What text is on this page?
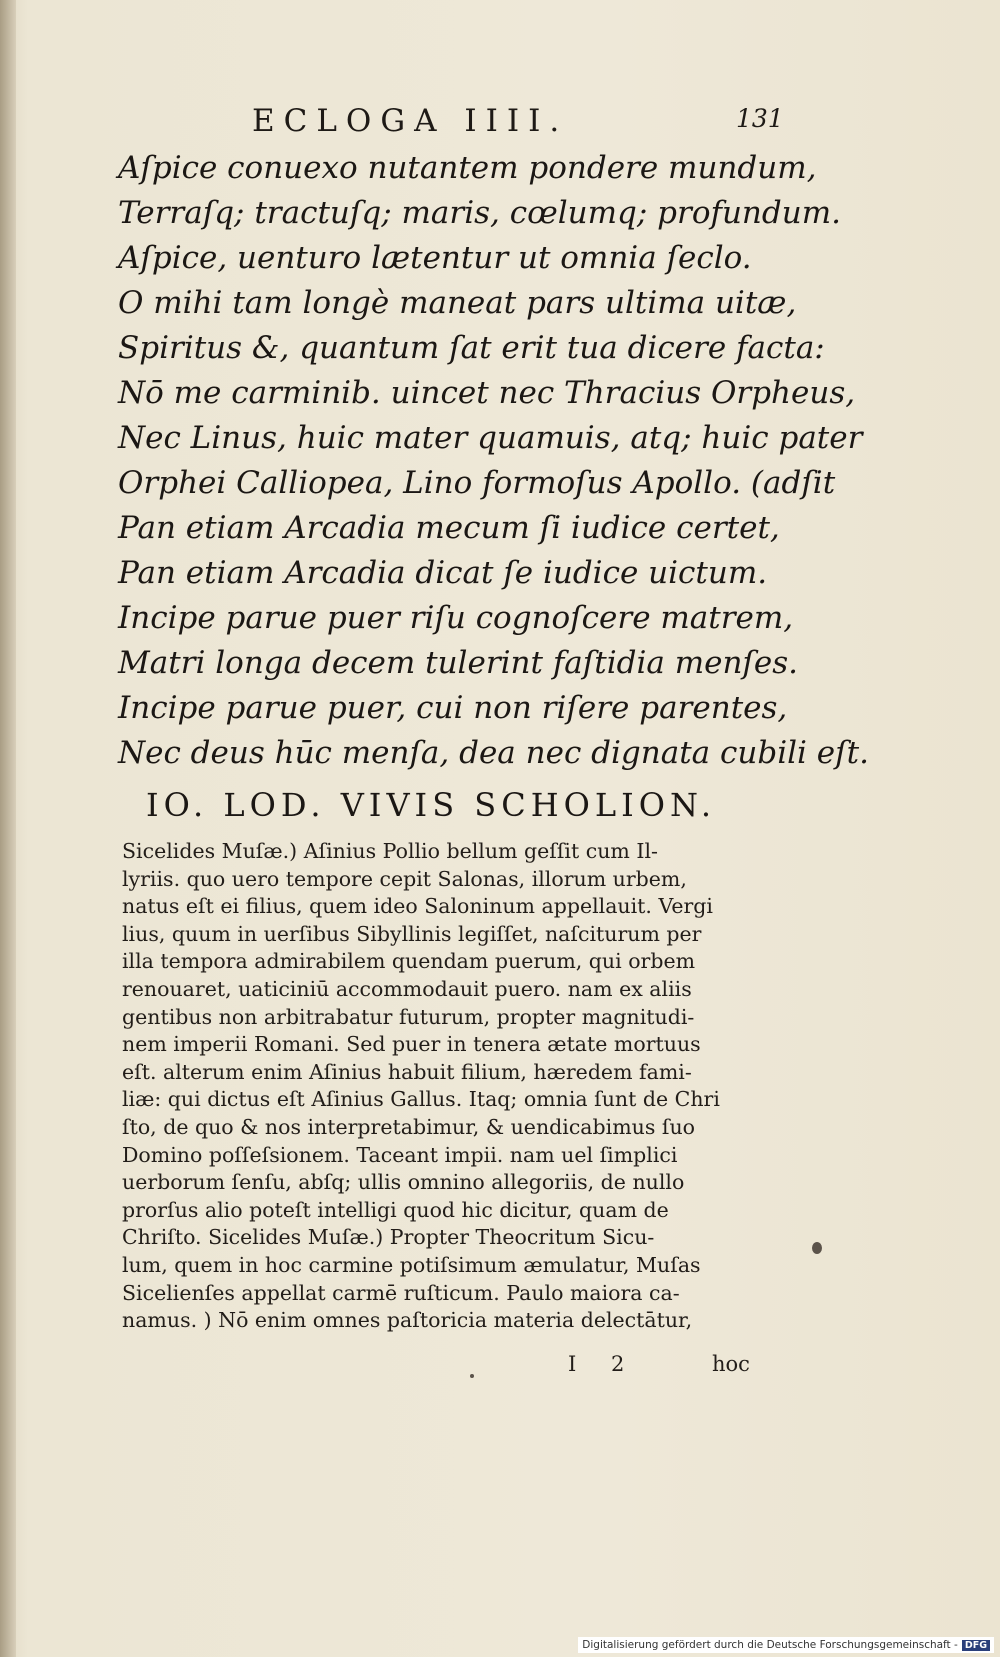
ECLOGA IIII.	131
Aſpice conuexo nutantem pondere mundum,
Terraſq; tractuſq; maris, cœlumq; profundum.
Aſpice, uenturo lætentur ut omnia ſeclo.
O mihi tam longè maneat pars ultima uitæ,
Spiritus &, quantum ſat erit tua dicere facta:
Nō me carminib. uincet nec Thracius Orpheus,
Nec Linus, huic mater quamuis, atq; huic pater
Orphei Calliopea, Lino formoſus Apollo. (adſit
Pan etiam Arcadia mecum ſi iudice certet,
Pan etiam Arcadia dicat ſe iudice uictum.
Incipe parue puer riſu cognoſcere matrem,
Matri longa decem tulerint faſtidia menſes.
Incipe parue puer, cui non riſere parentes,
Nec deus hūc menſa, dea nec dignata cubili eſt.
IO. LOD. VIVIS SCHOLION.
Sicelides Muſæ.) Aſinius Pollio bellum geſſit cum Il-
lyriis. quo uero tempore cepit Salonas, illorum urbem,
natus eſt ei filius, quem ideo Saloninum appellauit. Vergi
lius, quum in uerſibus Sibyllinis legiſſet, naſciturum per
illa tempora admirabilem quendam puerum, qui orbem
renouaret, uaticiniū accommodauit puero. nam ex aliis
gentibus non arbitrabatur futurum, propter magnitudi-
nem imperii Romani. Sed puer in tenera ætate mortuus
eſt. alterum enim Aſinius habuit filium, hæredem fami-
liæ: qui dictus eſt Aſinius Gallus. Itaq; omnia ſunt de Chri
ſto, de quo & nos interpretabimur, & uendicabimus ſuo
Domino poſſeſsionem. Taceant impii. nam uel ſimplici
uerborum ſenſu, abſq; ullis omnino allegoriis, de nullo
prorſus alio poteſt intelligi quod hic dicitur, quam de
Chriſto. Sicelides Muſæ.) Propter Theocritum Sicu-
lum, quem in hoc carmine potiſsimum æmulatur, Muſas
Sicelienſes appellat carmē ruſticum. Paulo maiora ca-
namus. ) Nō enim omnes paſtoricia materia delectātur,
I 2	hoc
Digitalisierung gefördert durch die Deutsche Forschungsgemeinschaft - DFG
